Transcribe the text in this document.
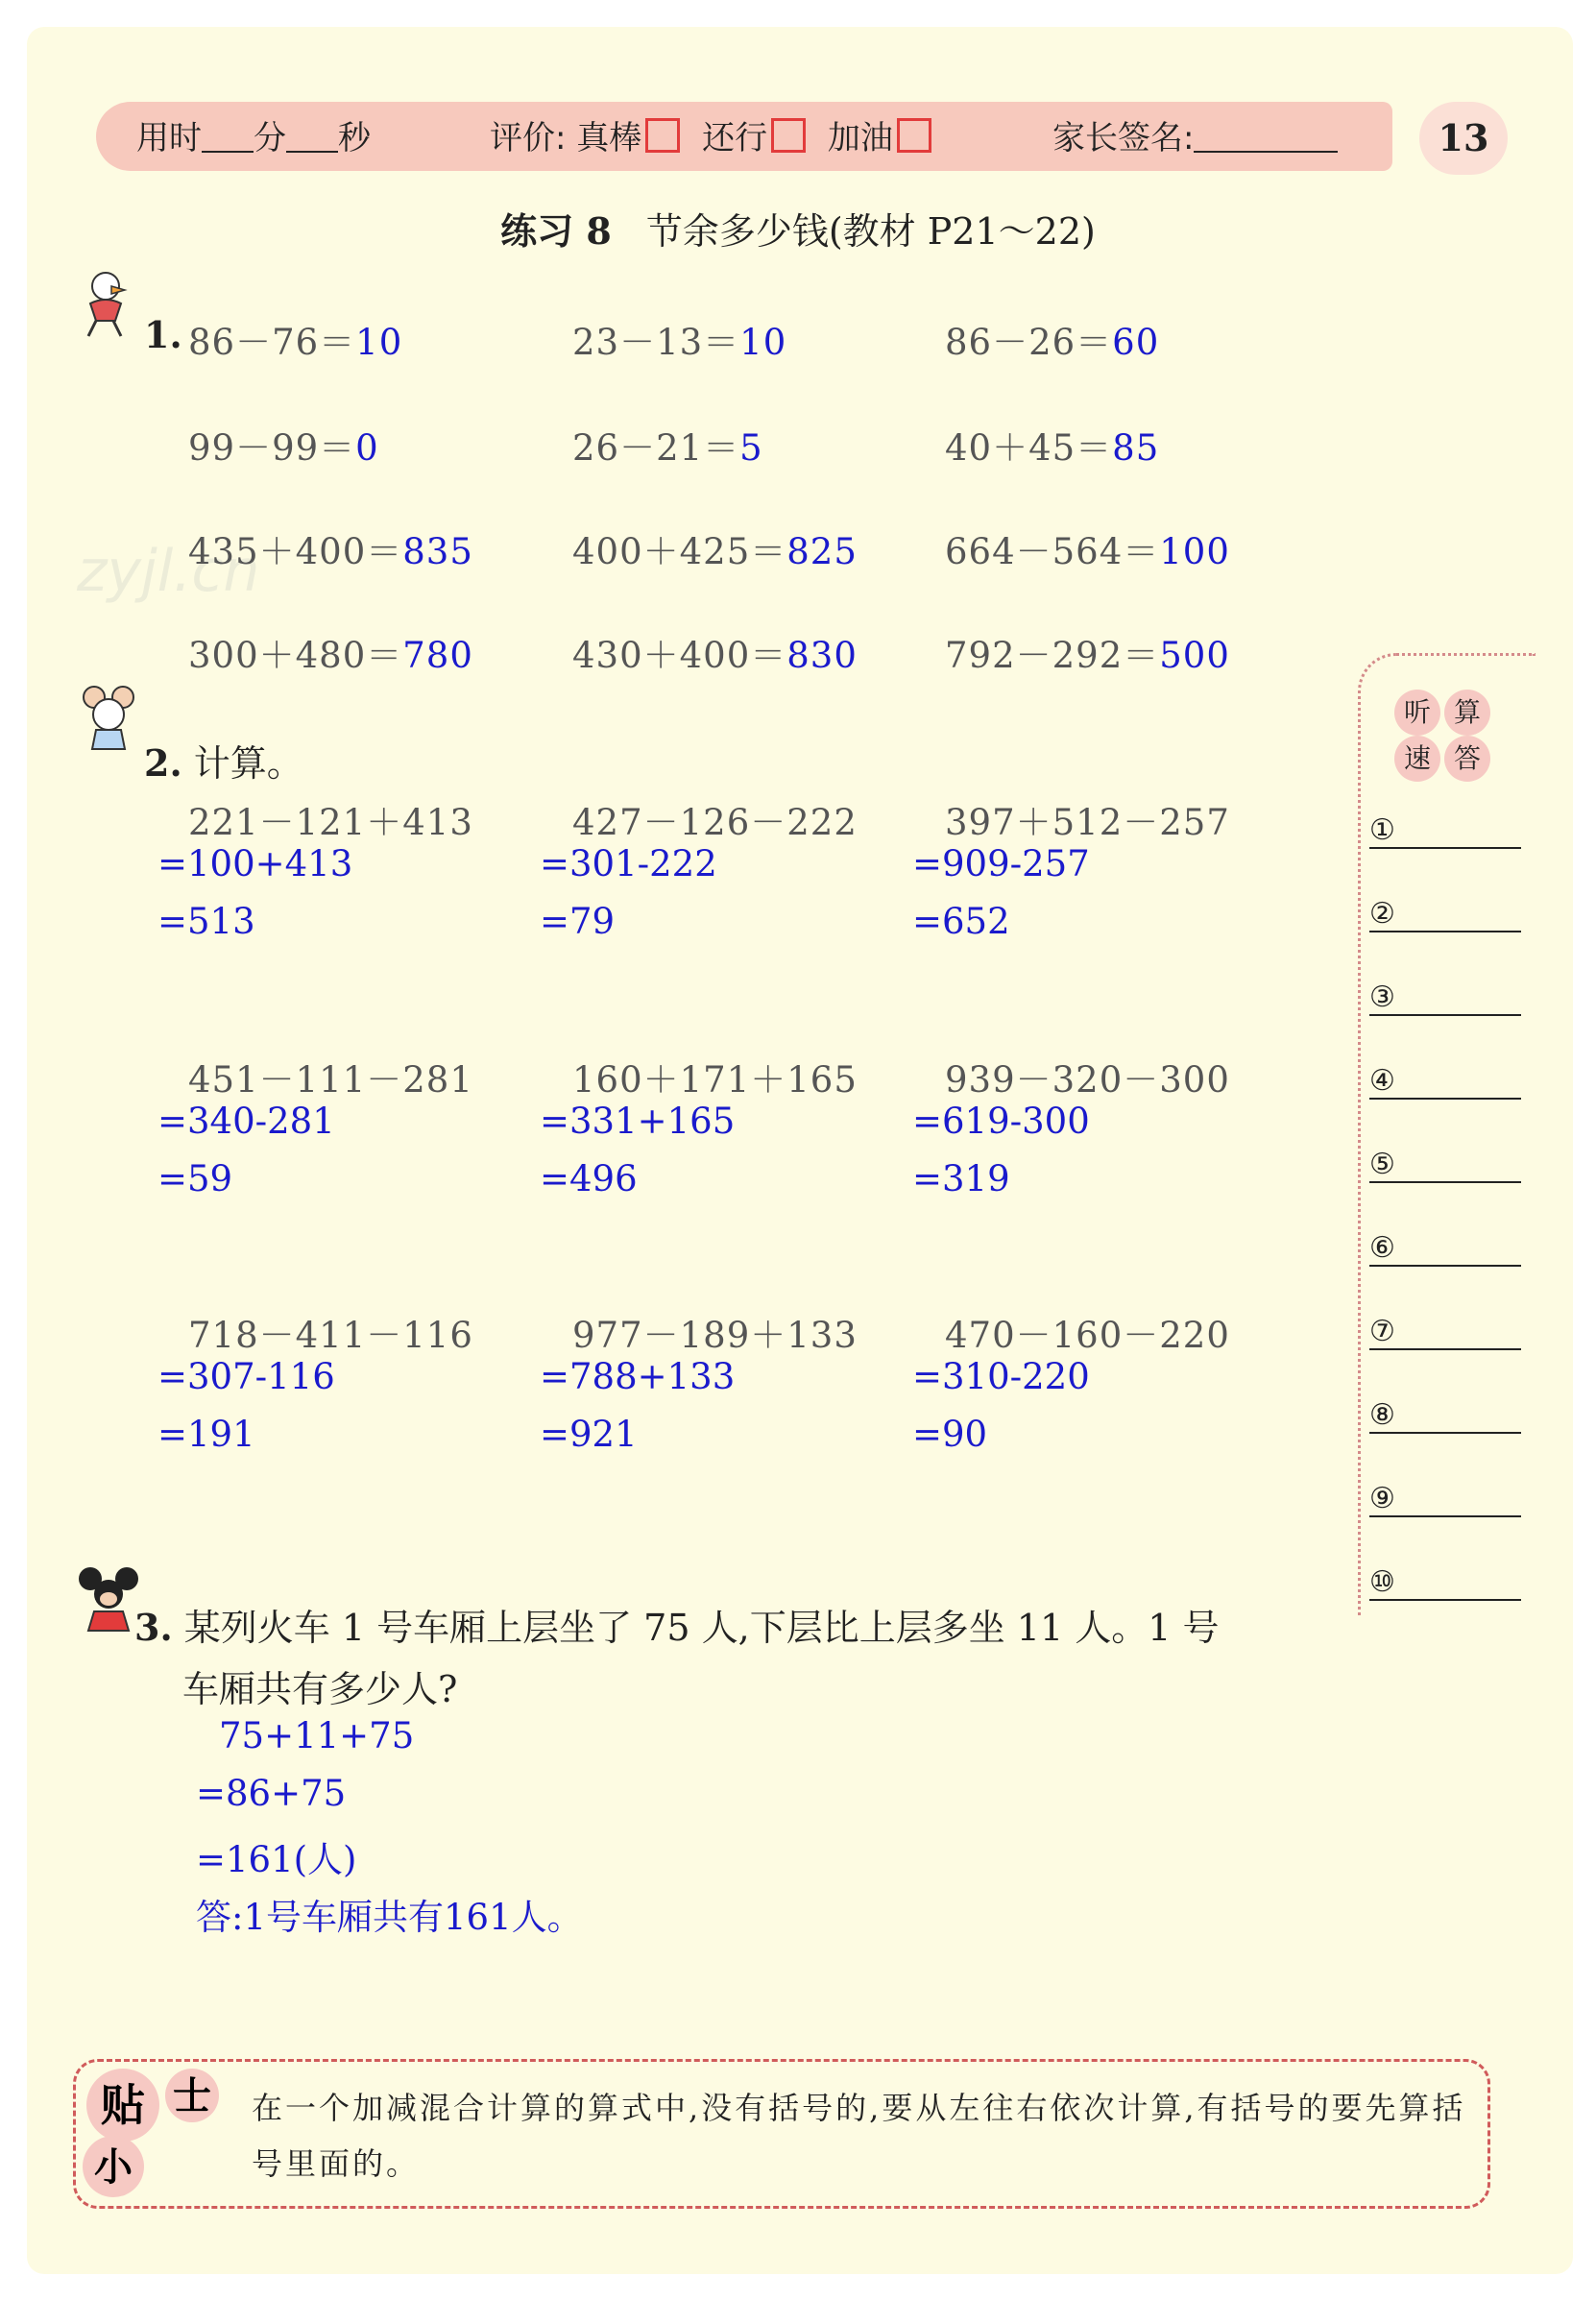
zyjl.cn
用时 分 秒	评价: 真棒 还行 加油	家长签名:	13
练习 8 节余多少钱(教材 P21～22)
1. 86－76＝10	23－13＝10	86－26＝60
99－99＝0	26－21＝5	40＋45＝85
435＋400＝835	400＋425＝825 664－564＝100
300＋480＝780	430＋400＝830 792－292＝500
2. 计算。
221－121＋413
=100+413
=513
427－126－222
=301-222
=79
397＋512－257
=909-257
=652
451－111－281
=340-281
=59
160＋171＋165
=331+165
=496
939－320－300
=619-300
=319
718－411－116
=307-116
=191
977－189＋133
=788+133
=921
470－160－220
=310-220
=90
3. 某列火车 1 号车厢上层坐了 75 人,下层比上层多坐 11 人。1 号
车厢共有多少人?
75+11+75
=86+75
=161(人)
答:1号车厢共有161人。
听 算
速 答
①
②
③
④
⑤
⑥
⑦
⑧
⑨
⑩
贴 士
小
在一个加减混合计算的算式中,没有括号的,要从左往右依次计算,有括号的要先算括号里面的。
